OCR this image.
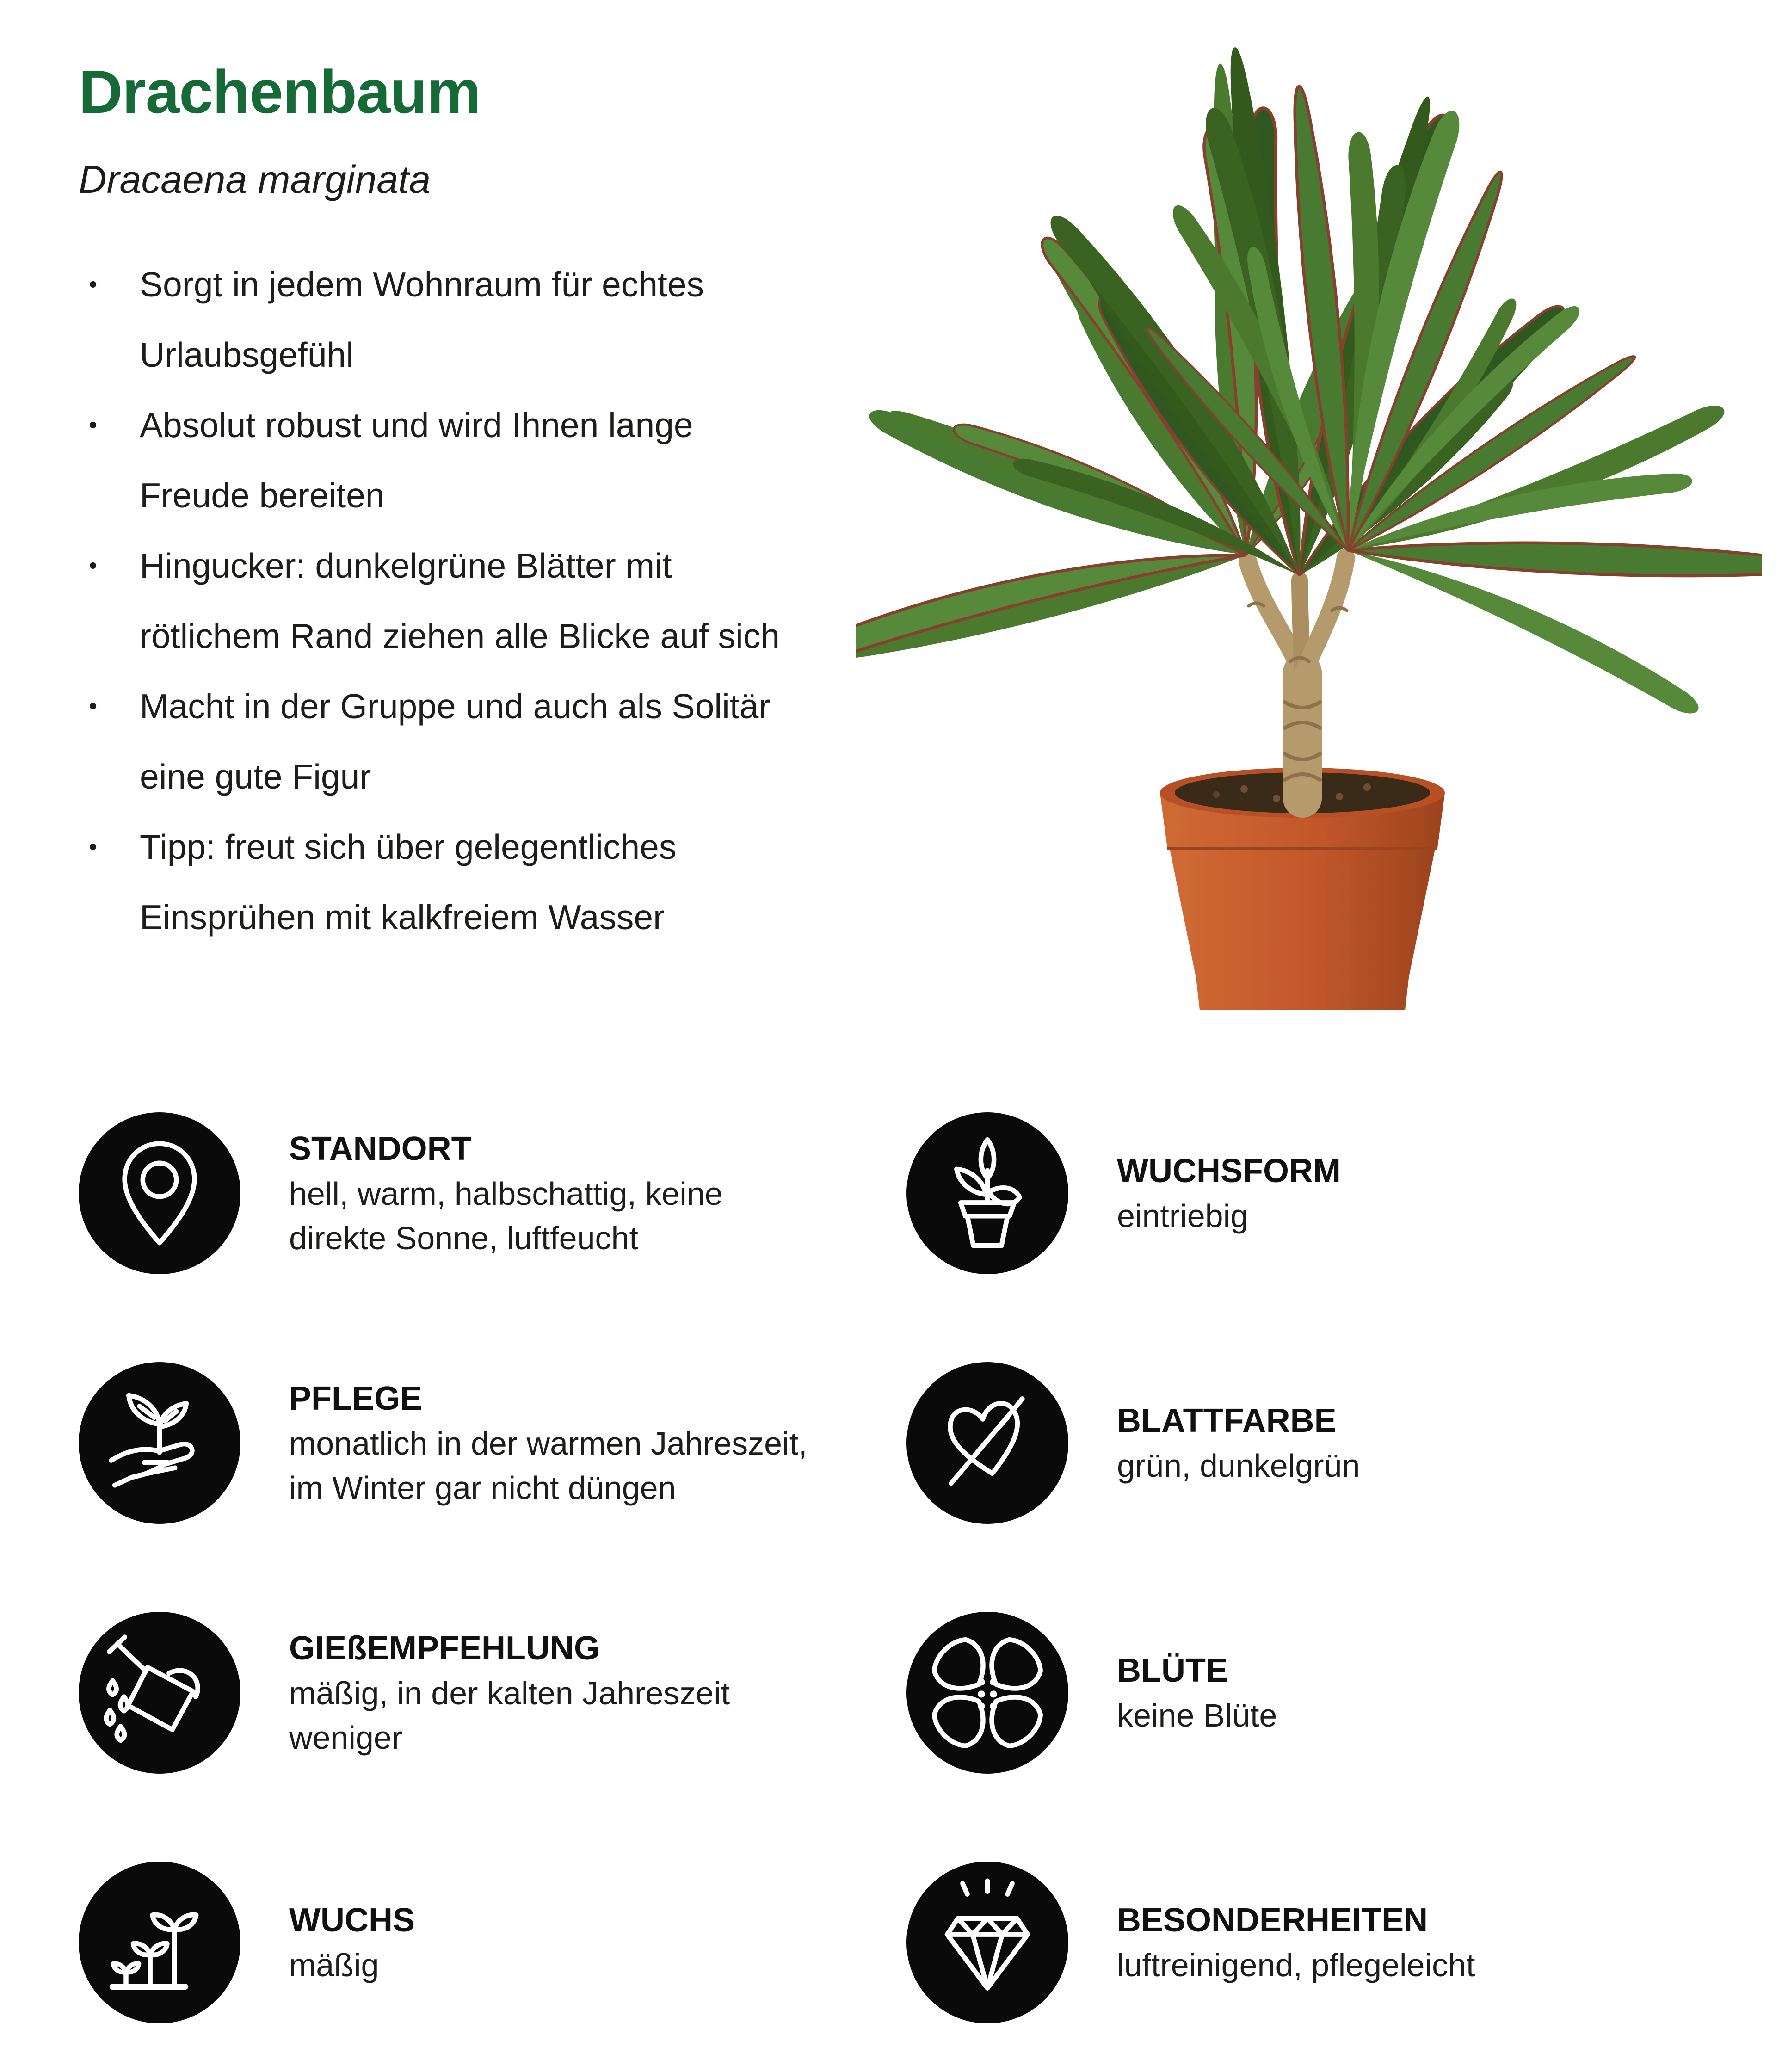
Drachenbaum

Dracaena marginata

• Sorgt in jedem Wohnraum für echtes Urlaubsgefühl
• Absolut robust und wird Ihnen lange Freude bereiten
• Hingucker: dunkelgrüne Blätter mit rötlichem Rand ziehen alle Blicke auf sich
• Macht in der Gruppe und auch als Solitär eine gute Figur
• Tipp: freut sich über gelegentliches Einsprühen mit kalkfreiem Wasser

STANDORT

hell, warm, halbschattig, keine direkte Sonne, luftfeucht

WUCHSFORM

eintriebig

PFLEGE

monatlich in der warmen Jahreszeit, im Winter gar nicht düngen

BLATTFARBE

grün, dunkelgrün

GIEßEMPFEHLUNG

mäßig, in der kalten Jahreszeit weniger

BLÜTE

keine Blüte

WUCHS

mäßig

BESONDERHEITEN

luftreinigend, pflegeleicht
